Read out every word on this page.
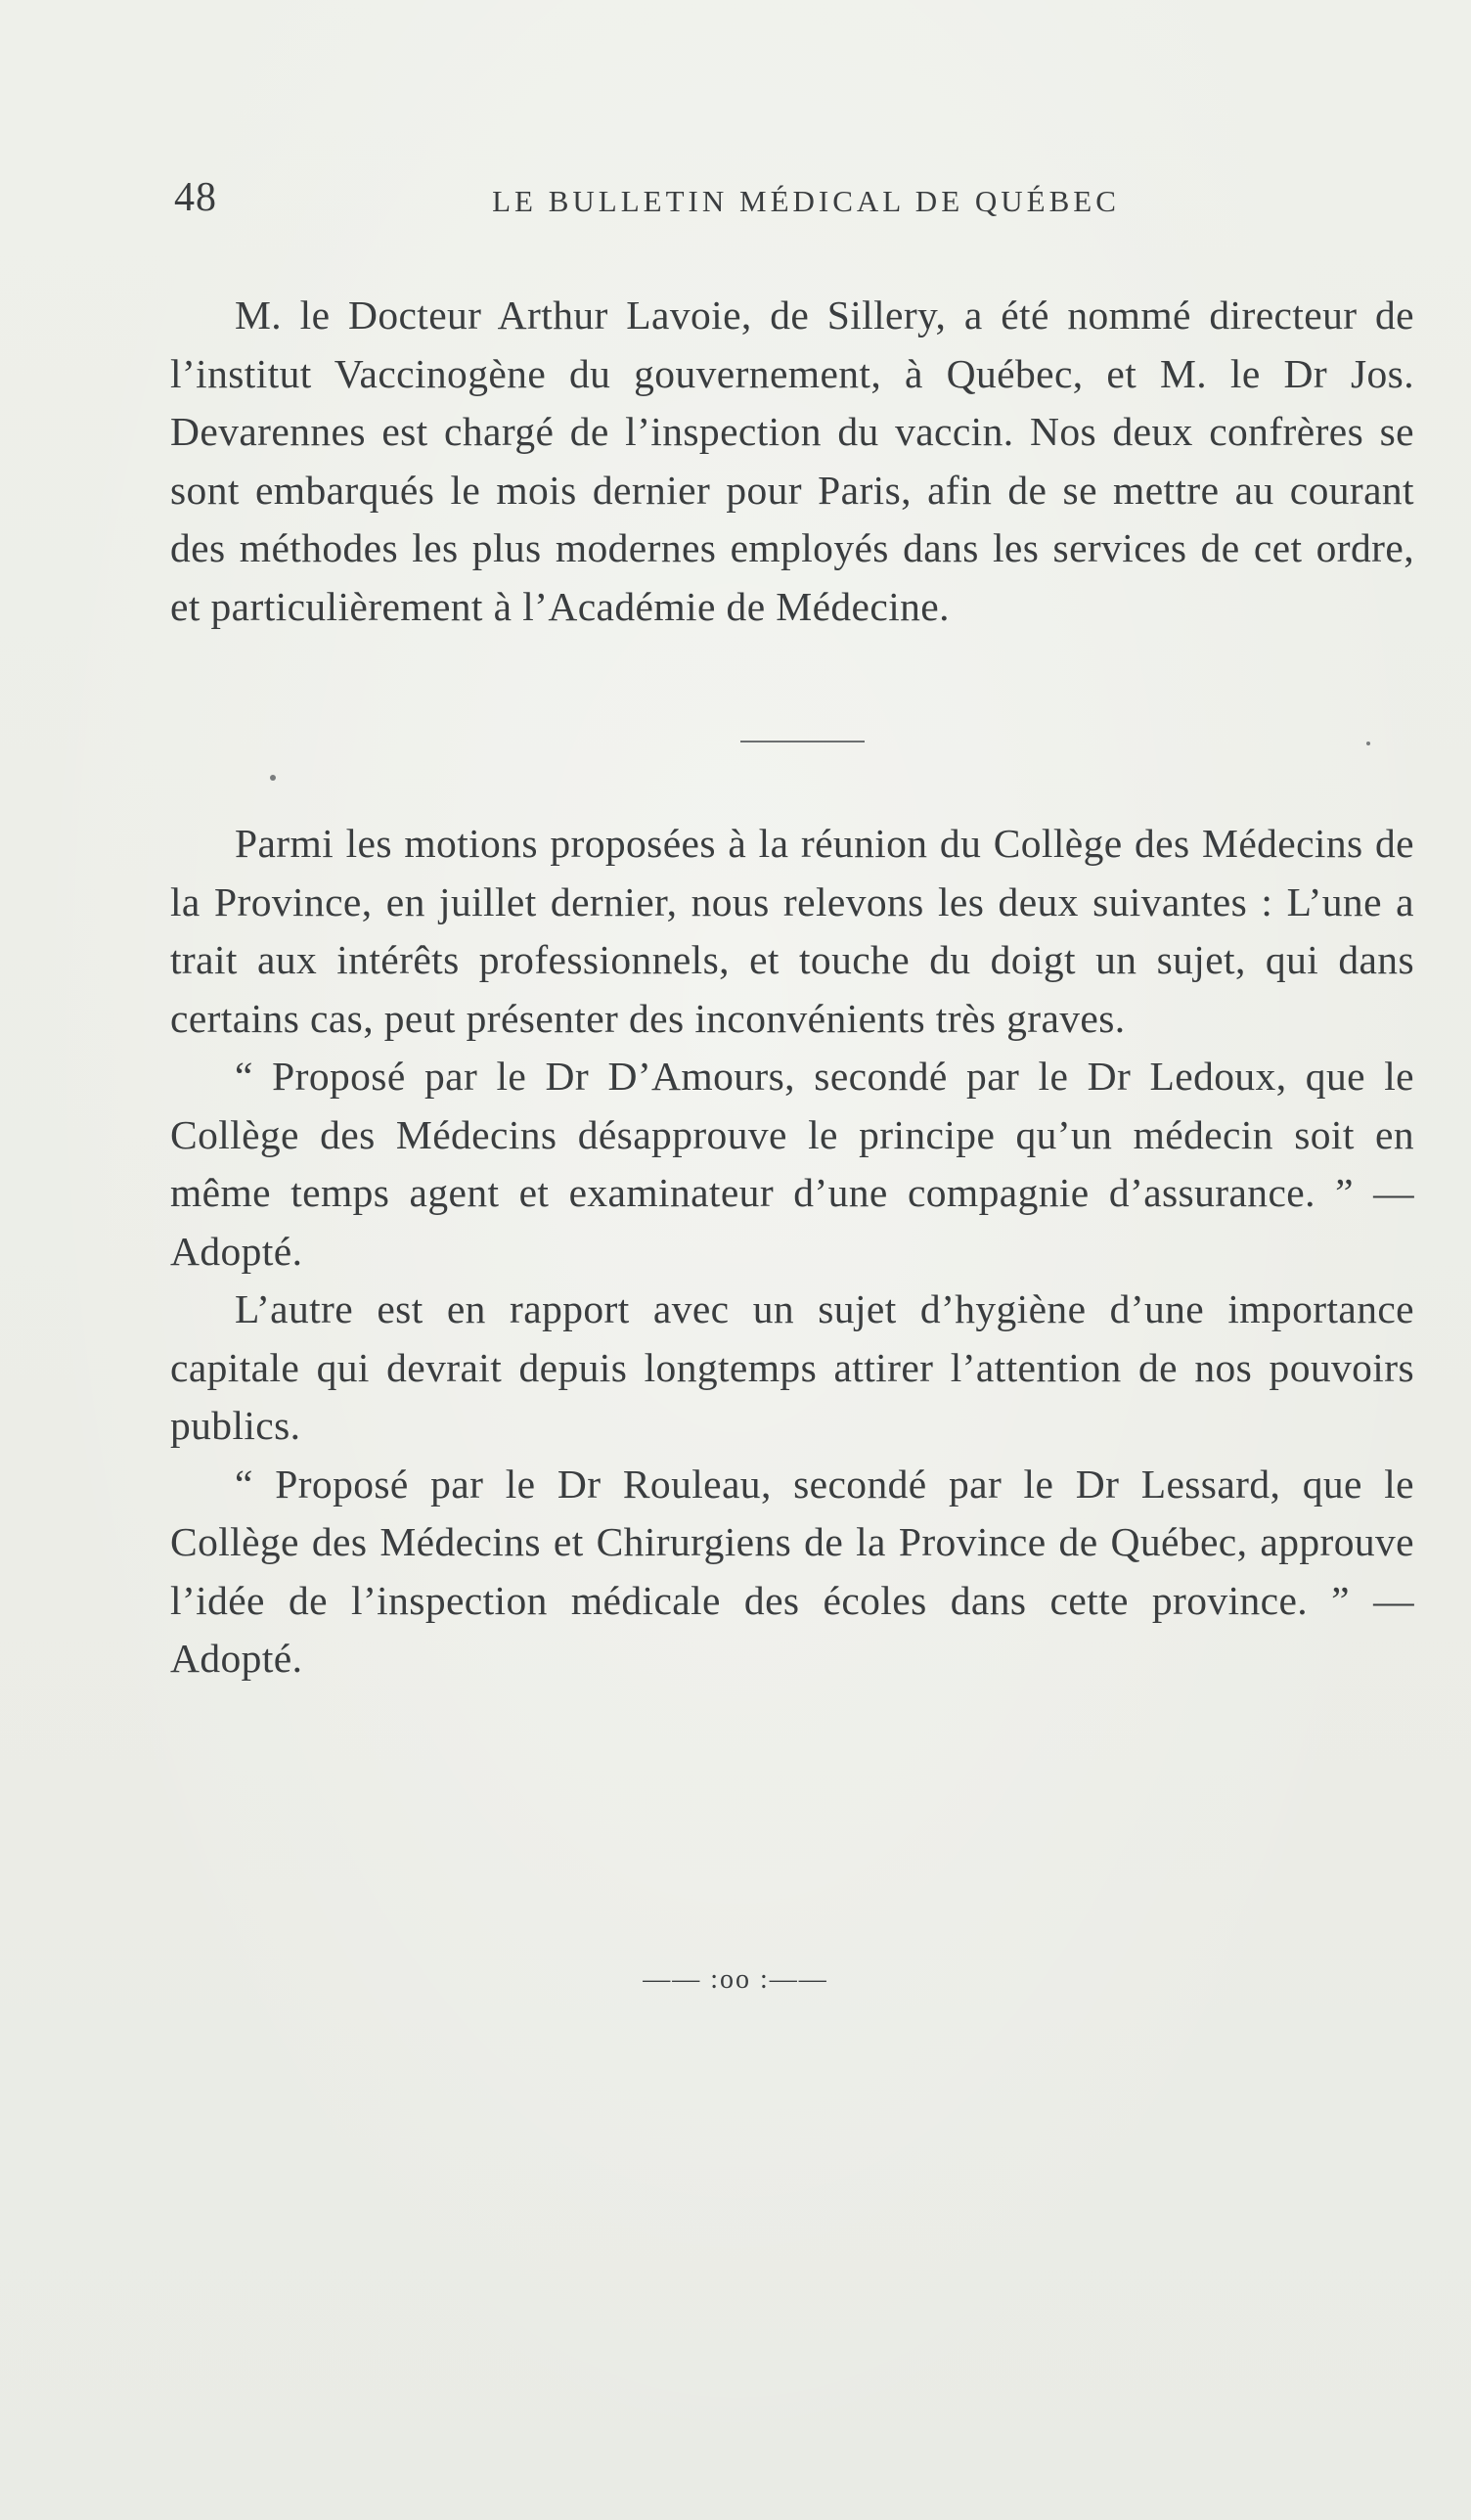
48	LE BULLETIN MÉDICAL DE QUÉBEC

M. le Docteur Arthur Lavoie, de Sillery, a été nommé directeur de l’institut Vaccinogène du gouvernement, à Québec, et M. le Dr Jos. Devarennes est chargé de l’inspection du vaccin. Nos deux confrères se sont embarqués le mois dernier pour Paris, afin de se mettre au courant des méthodes les plus modernes employés dans les services de cet ordre, et particulièrement à l’Académie de Médecine.

Parmi les motions proposées à la réunion du Collège des Médecins de la Province, en juillet dernier, nous relevons les deux suivantes : L’une a trait aux intérêts professionnels, et touche du doigt un sujet, qui dans certains cas, peut présenter des inconvénients très graves.

“ Proposé par le Dr D’Amours, secondé par le Dr Ledoux, que le Collège des Médecins désapprouve le principe qu’un médecin soit en même temps agent et examinateur d’une compagnie d’assurance. ” — Adopté.

L’autre est en rapport avec un sujet d’hygiène d’une importance capitale qui devrait depuis longtemps attirer l’attention de nos pouvoirs publics.

“ Proposé par le Dr Rouleau, secondé par le Dr Lessard, que le Collège des Médecins et Chirurgiens de la Province de Québec, approuve l’idée de l’inspection médicale des écoles dans cette province. ” — Adopté.

—— :oo :——
